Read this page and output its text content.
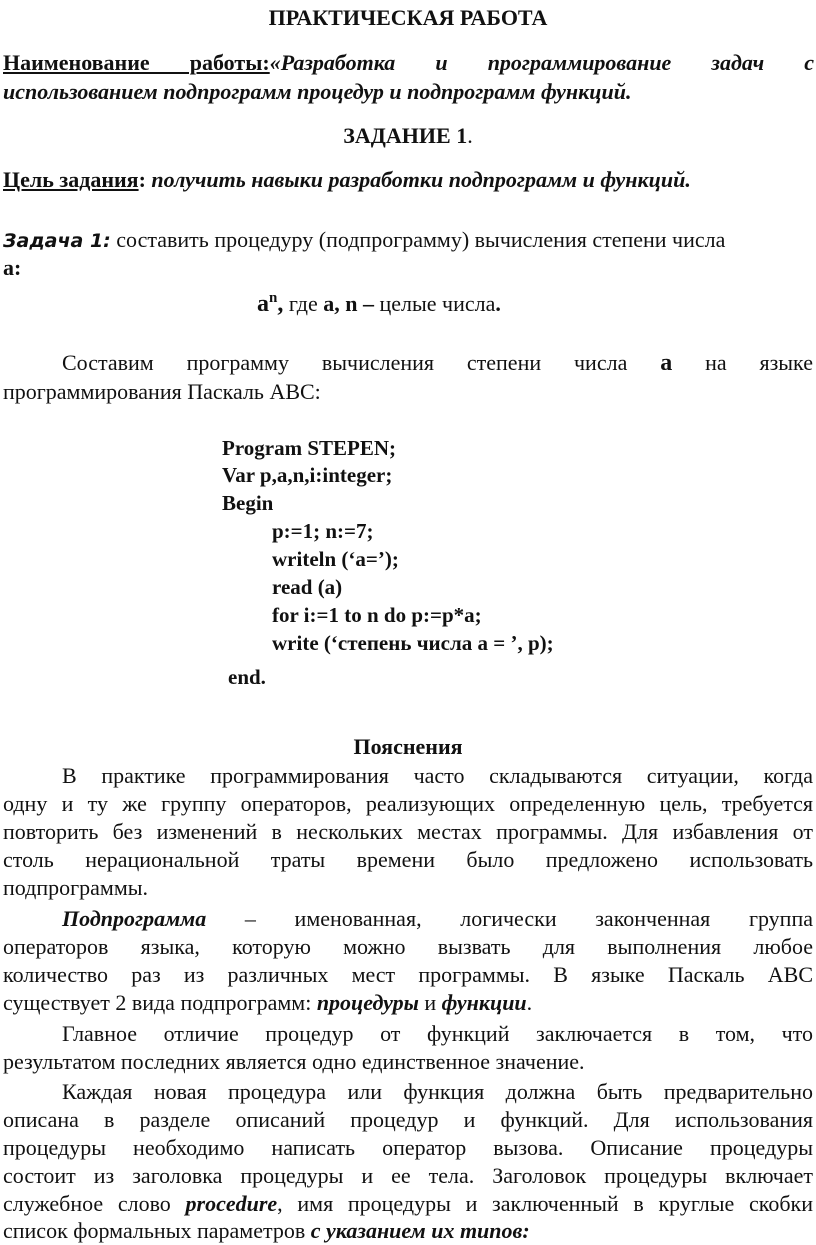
ПРАКТИЧЕСКАЯ РАБОТА
Наименование работы:«Разработка и программирование задач с
использованием подпрограмм процедур и подпрограмм функций.
ЗАДАНИЕ 1.
Цель задания: получить навыки разработки подпрограмм и функций.
Задача 1: составить процедуру (подпрограмму) вычисления степени числа
а:
$a^n$, где a, n – целые числа.
Составим программу вычисления степени числа а на языке
программирования Паскаль АВС:
Program STEPEN;
Var p,a,n,i:integer;
Begin
p:=1; n:=7;
writeln (‘a=’);
read (a)
for i:=1 to n do p:=p*a;
write (‘степень числа a = ’, p);
end.
Пояснения
В практике программирования часто складываются ситуации, когда
одну и ту же группу операторов, реализующих определенную цель, требуется
повторить без изменений в нескольких местах программы. Для избавления от
столь нерациональной траты времени было предложено использовать
подпрограммы.
Подпрограмма – именованная, логически законченная группа
операторов языка, которую можно вызвать для выполнения любое
количество раз из различных мест программы. В языке Паскаль АВС
существует 2 вида подпрограмм: процедуры и функции.
Главное отличие процедур от функций заключается в том, что
результатом последних является одно единственное значение.
Каждая новая процедура или функция должна быть предварительно
описана в разделе описаний процедур и функций. Для использования
процедуры необходимо написать оператор вызова. Описание процедуры
состоит из заголовка процедуры и ее тела. Заголовок процедуры включает
служебное слово procedure, имя процедуры и заключенный в круглые скобки
список формальных параметров с указанием их типов:
